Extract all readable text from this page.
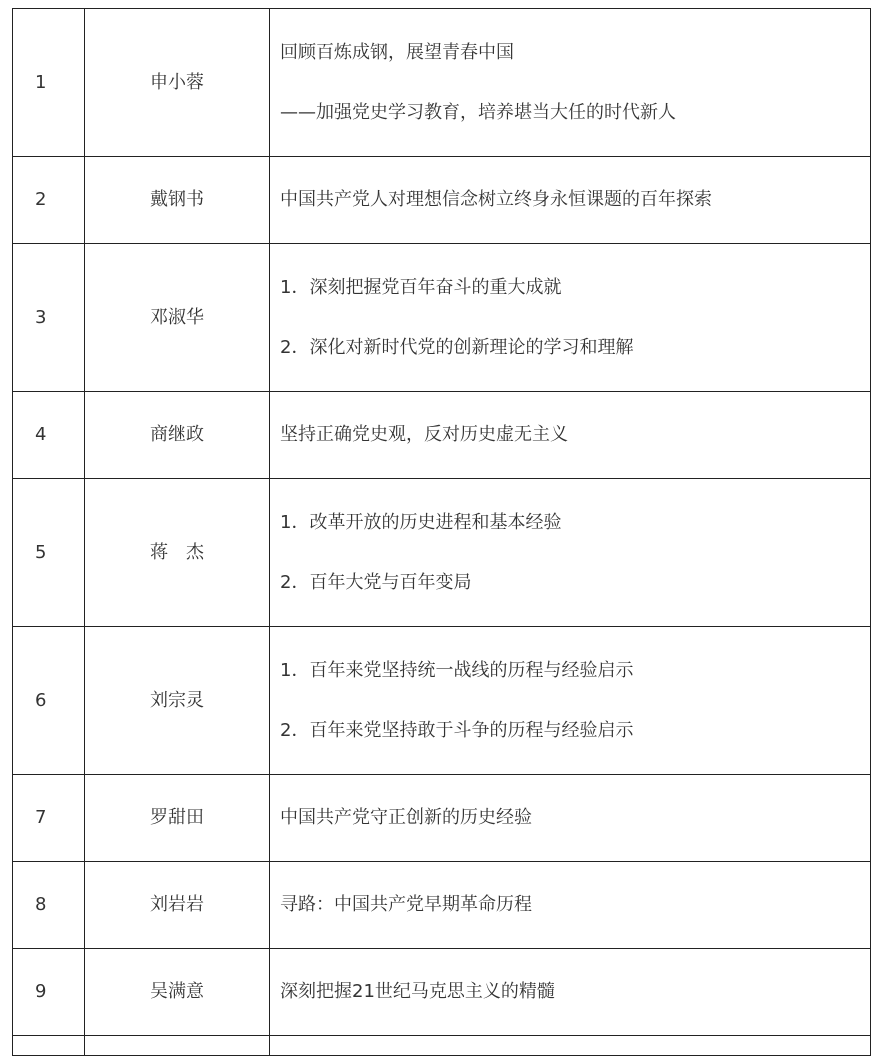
1	申小蓉	回顾百炼成钢，展望青春中国
——加强党史学习教育，培养堪当大任的时代新人

2	戴钢书	中国共产党人对理想信念树立终身永恒课题的百年探索

3	邓淑华	1．深刻把握党百年奋斗的重大成就
2．深化对新时代党的创新理论的学习和理解

4	商继政	坚持正确党史观，反对历史虚无主义

5	蒋　杰	1．改革开放的历史进程和基本经验
2．百年大党与百年变局

6	刘宗灵	1．百年来党坚持统一战线的历程与经验启示
2．百年来党坚持敢于斗争的历程与经验启示

7	罗甜田	中国共产党守正创新的历史经验

8	刘岩岩	寻路：中国共产党早期革命历程

9	吴满意	深刻把握21世纪马克思主义的精髓
